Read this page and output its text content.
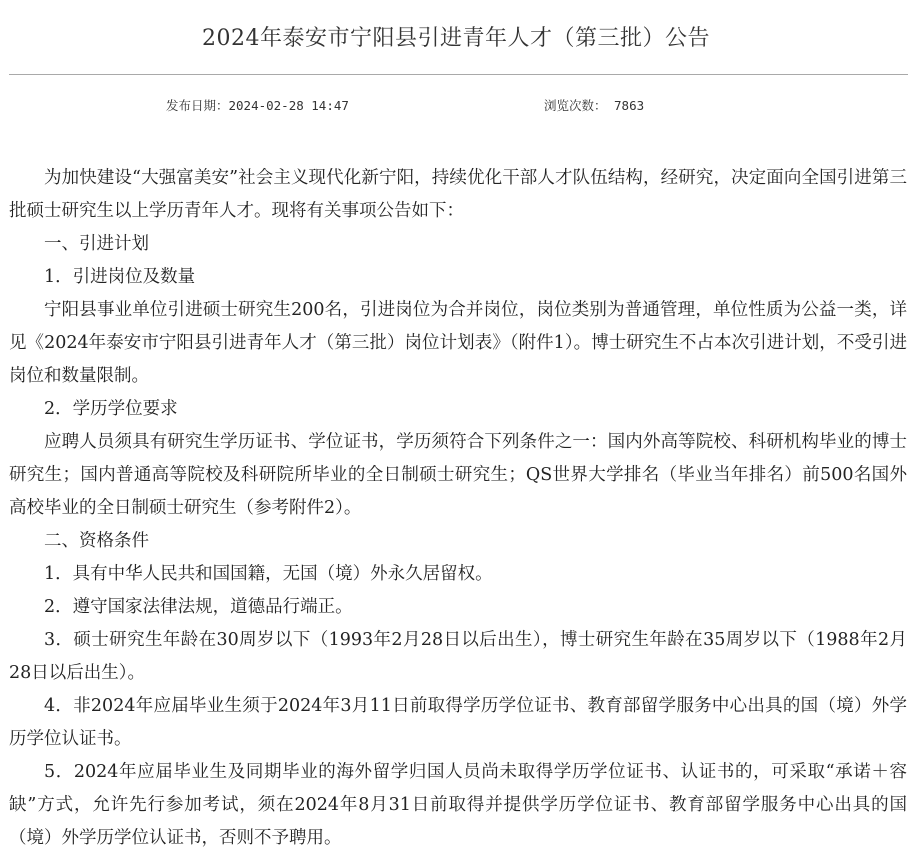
2024年泰安市宁阳县引进青年人才（第三批）公告
发布日期：2024-02-28 14:47	浏览次数： 7863

为加快建设“大强富美安”社会主义现代化新宁阳，持续优化干部人才队伍结构，经研究，决定面向全国引进第三批硕士研究生以上学历青年人才。现将有关事项公告如下：

一、引进计划

1．引进岗位及数量

宁阳县事业单位引进硕士研究生200名，引进岗位为合并岗位，岗位类别为普通管理，单位性质为公益一类，详见《2024年泰安市宁阳县引进青年人才（第三批）岗位计划表》（附件1）。博士研究生不占本次引进计划，不受引进岗位和数量限制。

2．学历学位要求

应聘人员须具有研究生学历证书、学位证书，学历须符合下列条件之一：国内外高等院校、科研机构毕业的博士研究生；国内普通高等院校及科研院所毕业的全日制硕士研究生；QS世界大学排名（毕业当年排名）前500名国外高校毕业的全日制硕士研究生（参考附件2）。

二、资格条件

1．具有中华人民共和国国籍，无国（境）外永久居留权。

2．遵守国家法律法规，道德品行端正。

3．硕士研究生年龄在30周岁以下（1993年2月28日以后出生），博士研究生年龄在35周岁以下（1988年2月28日以后出生）。

4．非2024年应届毕业生须于2024年3月11日前取得学历学位证书、教育部留学服务中心出具的国（境）外学历学位认证书。

5．2024年应届毕业生及同期毕业的海外留学归国人员尚未取得学历学位证书、认证书的，可采取“承诺＋容缺”方式，允许先行参加考试，须在2024年8月31日前取得并提供学历学位证书、教育部留学服务中心出具的国（境）外学历学位认证书，否则不予聘用。
